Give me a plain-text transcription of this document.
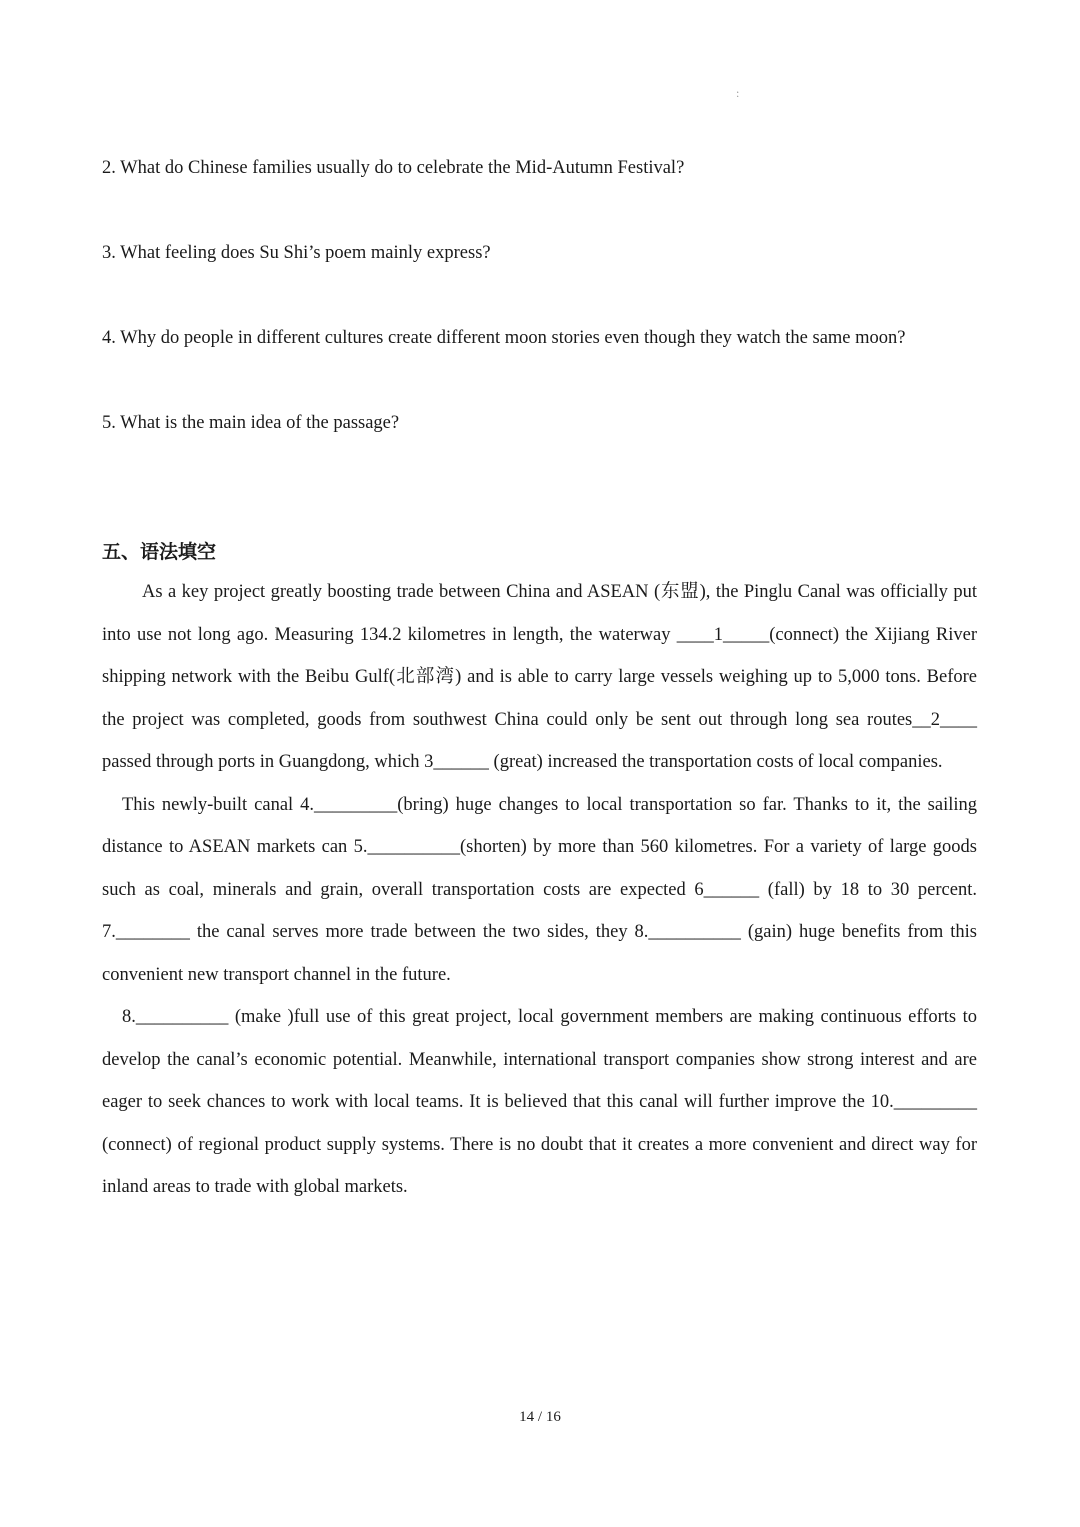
:
2. What do Chinese families usually do to celebrate the Mid-Autumn Festival?
3. What feeling does Su Shi’s poem mainly express?
4. Why do people in different cultures create different moon stories even though they watch the same moon?
5. What is the main idea of the passage?
五、语法填空

As a key project greatly boosting trade between China and ASEAN (东盟), the Pinglu Canal was officially put into use not long ago. Measuring 134.2 kilometres in length, the waterway ____1_____(connect) the Xijiang River shipping network with the Beibu Gulf(北部湾) and is able to carry large vessels weighing up to 5,000 tons. Before the project was completed, goods from southwest China could only be sent out through long sea routes__2____ passed through ports in Guangdong, which 3______ (great) increased the transportation costs of local companies.

This newly-built canal 4._________(bring) huge changes to local transportation so far. Thanks to it, the sailing distance to ASEAN markets can 5.__________(shorten) by more than 560 kilometres. For a variety of large goods such as coal, minerals and grain, overall transportation costs are expected 6______ (fall) by 18 to 30 percent. 7.________ the canal serves more trade between the two sides, they 8.__________ (gain) huge benefits from this convenient new transport channel in the future.

8.__________ (make )full use of this great project, local government members are making continuous efforts to develop the canal’s economic potential. Meanwhile, international transport companies show strong interest and are eager to seek chances to work with local teams. It is believed that this canal will further improve the 10._________ (connect) of regional product supply systems. There is no doubt that it creates a more convenient and direct way for inland areas to trade with global markets.

14 / 16
